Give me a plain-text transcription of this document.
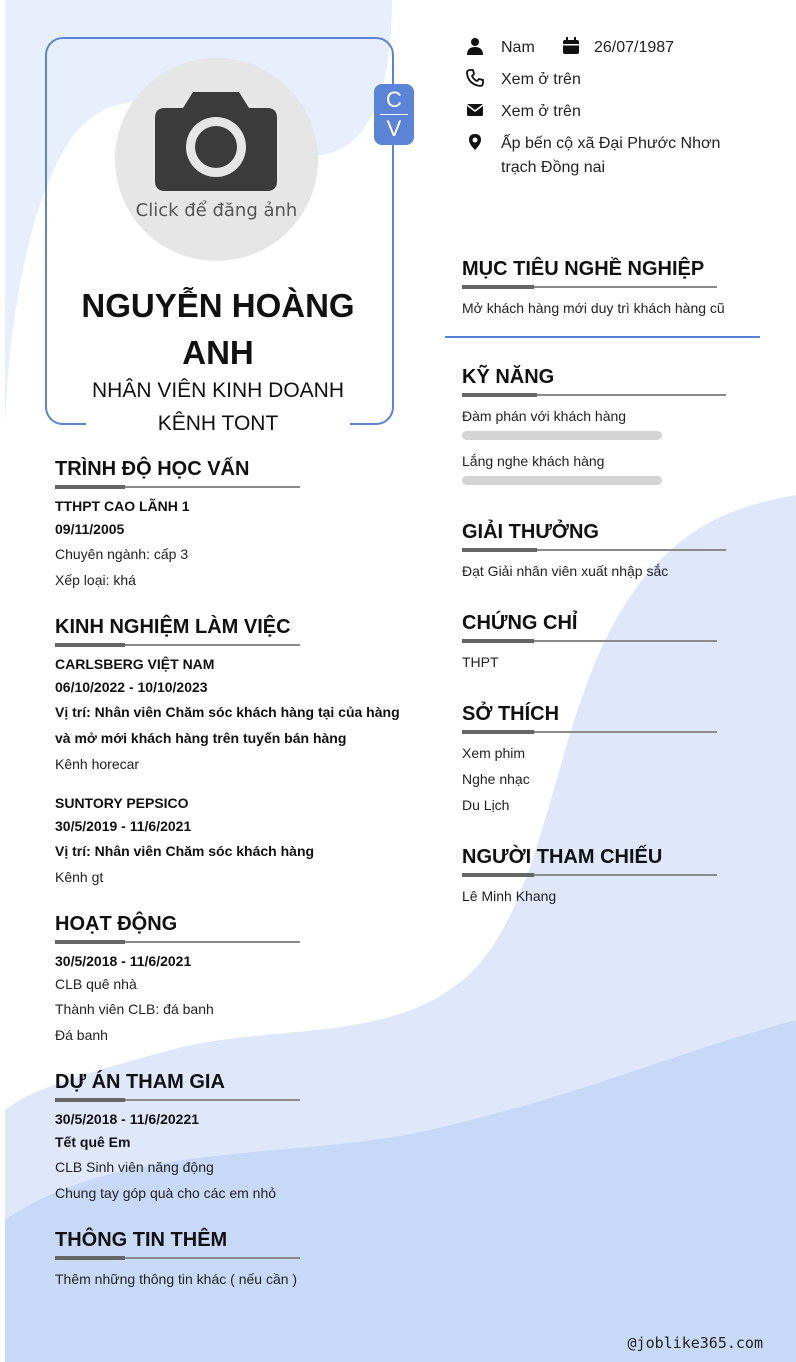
Click để đăng ảnh
C
V
NGUYỄN HOÀNG
ANH
NHÂN VIÊN KINH DOANH
KÊNH TONT
Nam	26/07/1987
Xem ở trên
Xem ở trên
Ấp bến cộ xã Đại Phước Nhơn
trạch Đồng nai
TRÌNH ĐỘ HỌC VẤN
TTHPT CAO LÃNH 1
09/11/2005
Chuyên ngành: cấp 3
Xếp loại: khá
KINH NGHIỆM LÀM VIỆC
CARLSBERG VIỆT NAM
06/10/2022 - 10/10/2023
Vị trí: Nhân viên Chăm sóc khách hàng tại của hàng
và mở mới khách hàng trên tuyến bán hàng
Kênh horecar
SUNTORY PEPSICO
30/5/2019 - 11/6/2021
Vị trí: Nhân viên Chăm sóc khách hàng
Kênh gt
HOẠT ĐỘNG
30/5/2018 - 11/6/2021
CLB quê nhà
Thành viên CLB: đá banh
Đá banh
DỰ ÁN THAM GIA
30/5/2018 - 11/6/20221
Tết quê Em
CLB Sinh viên năng động
Chung tay góp quà cho các em nhỏ
THÔNG TIN THÊM
Thêm những thông tin khác ( nếu cần )
MỤC TIÊU NGHỀ NGHIỆP
Mở khách hàng mới duy trì khách hàng cũ
KỸ NĂNG
Đàm phán với khách hàng
Lắng nghe khách hàng
GIẢI THƯỞNG
Đạt Giải nhân viên xuất nhập sắc
CHỨNG CHỈ
THPT
SỞ THÍCH
Xem phim
Nghe nhạc
Du Lịch
NGƯỜI THAM CHIẾU
Lê Minh Khang
@joblike365.com
